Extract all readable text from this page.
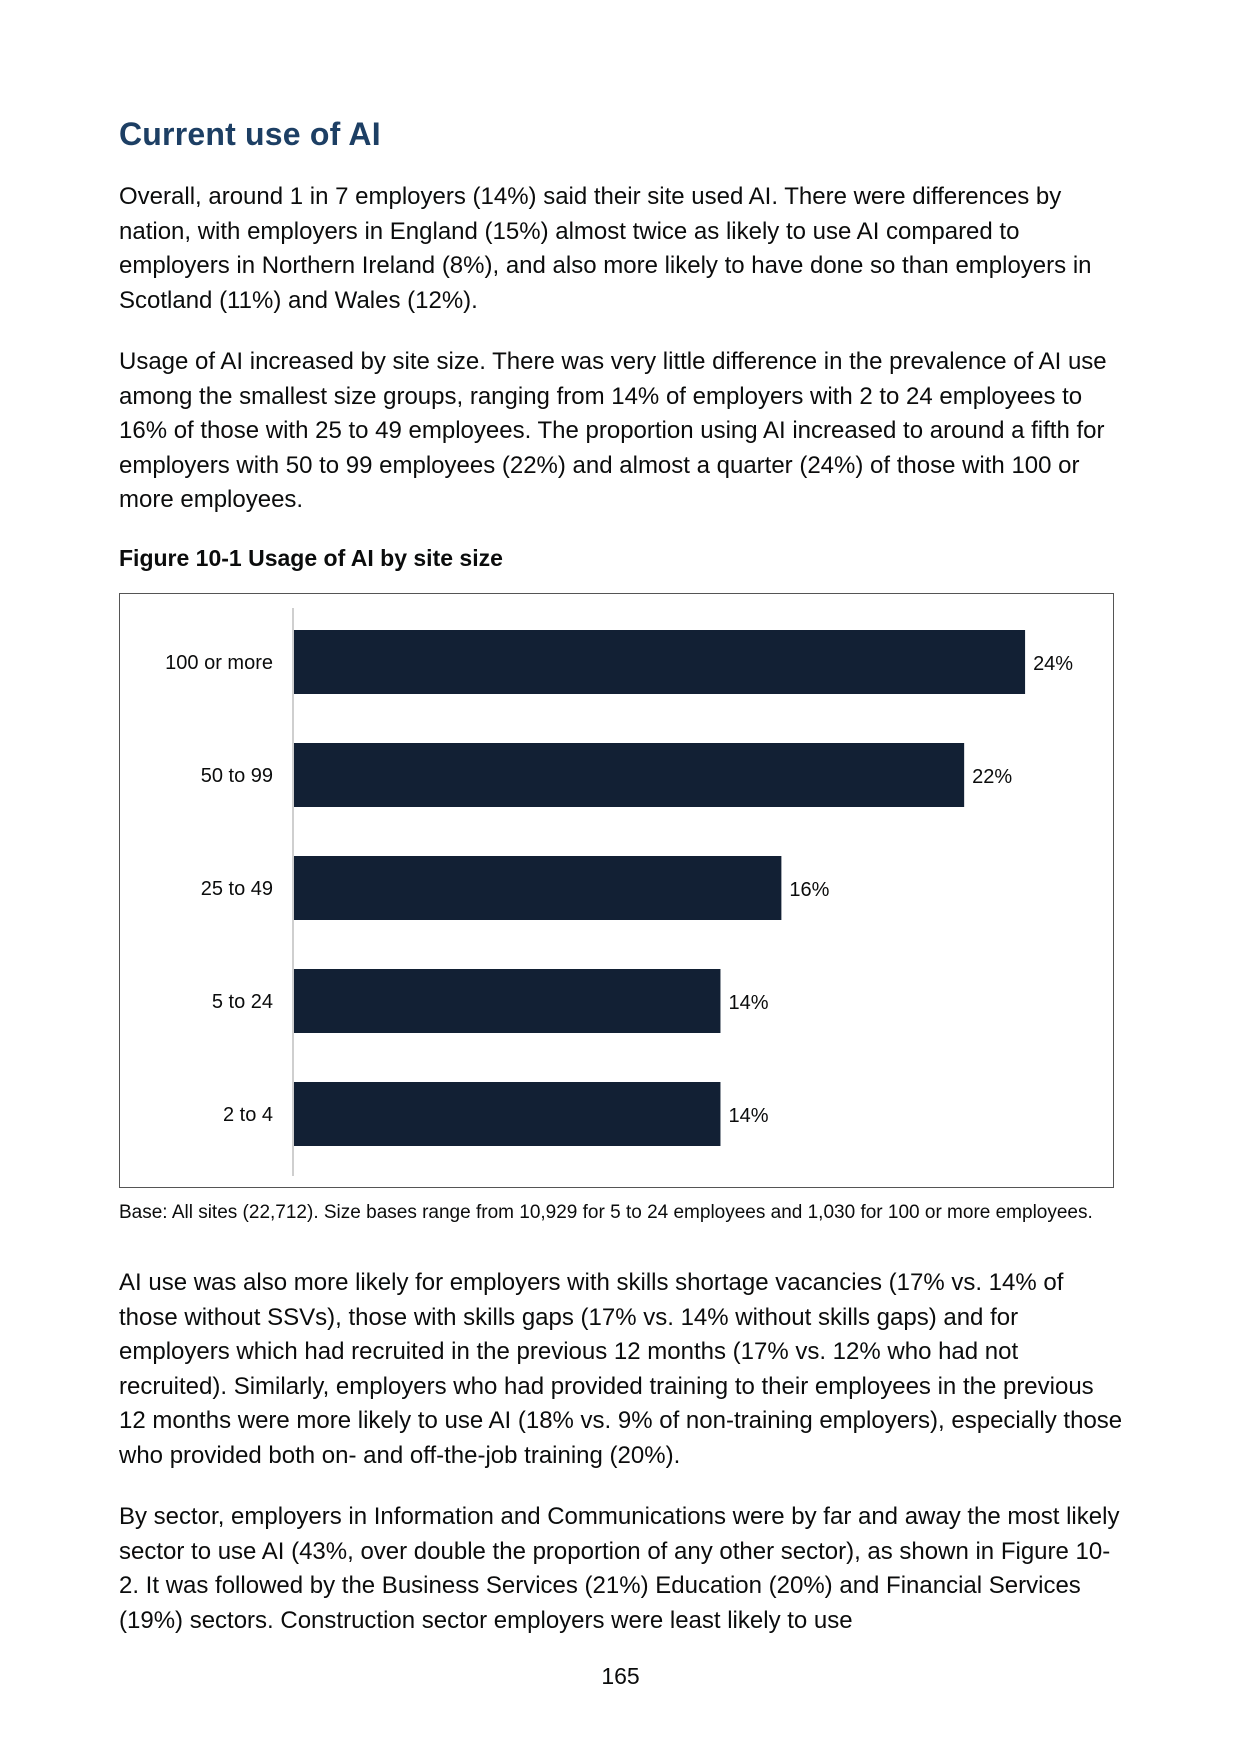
Current use of AI

Overall, around 1 in 7 employers (14%) said their site used AI. There were differences by nation, with employers in England (15%) almost twice as likely to use AI compared to employers in Northern Ireland (8%), and also more likely to have done so than employers in Scotland (11%) and Wales (12%).

Usage of AI increased by site size. There was very little difference in the prevalence of AI use among the smallest size groups, ranging from 14% of employers with 2 to 24 employees to 16% of those with 25 to 49 employees. The proportion using AI increased to around a fifth for employers with 50 to 99 employees (22%) and almost a quarter (24%) of those with 100 or more employees.

Figure 10-1 Usage of AI by site size

100 or more	24%
50 to 99	22%
25 to 49	16%
5 to 24	14%
2 to 4	14%

Base: All sites (22,712). Size bases range from 10,929 for 5 to 24 employees and 1,030 for 100 or more employees.

AI use was also more likely for employers with skills shortage vacancies (17% vs. 14% of those without SSVs), those with skills gaps (17% vs. 14% without skills gaps) and for employers which had recruited in the previous 12 months (17% vs. 12% who had not recruited). Similarly, employers who had provided training to their employees in the previous 12 months were more likely to use AI (18% vs. 9% of non-training employers), especially those who provided both on- and off-the-job training (20%).

By sector, employers in Information and Communications were by far and away the most likely sector to use AI (43%, over double the proportion of any other sector), as shown in Figure 10-2. It was followed by the Business Services (21%) Education (20%) and Financial Services (19%) sectors. Construction sector employers were least likely to use

165
